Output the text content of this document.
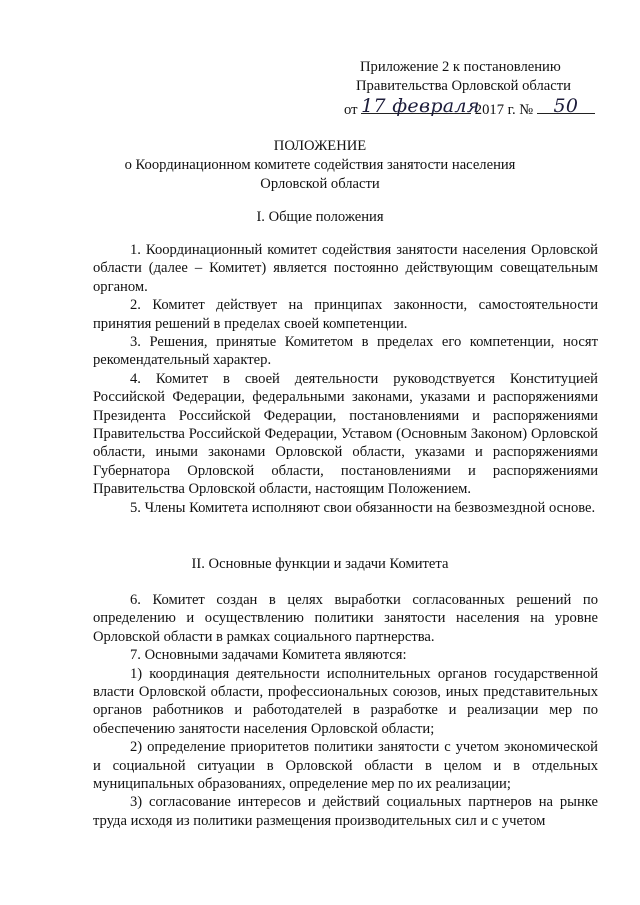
Приложение 2 к постановлению
Правительства Орловской области
от 17 февраля
2017 г. №	50
ПОЛОЖЕНИЕ
о Координационном комитете содействия занятости населения
Орловской области
I. Общие положения

1. Координационный комитет содействия занятости населения Орловской области (далее – Комитет) является постоянно действующим совещательным органом.

2. Комитет действует на принципах законности, самостоятельности принятия решений в пределах своей компетенции.

3. Решения, принятые Комитетом в пределах его компетенции, носят рекомендательный характер.

4. Комитет в своей деятельности руководствуется Конституцией Российской Федерации, федеральными законами, указами и распоряжениями Президента Российской Федерации, постановлениями и распоряжениями Правительства Российской Федерации, Уставом (Основным Законом) Орловской области, иными законами Орловской области, указами и распоряжениями Губернатора Орловской области, постановлениями и распоряжениями Правительства Орловской области, настоящим Положением.

5. Члены Комитета исполняют свои обязанности на безвозмездной основе.

II. Основные функции и задачи Комитета

6. Комитет создан в целях выработки согласованных решений по определению и осуществлению политики занятости населения на уровне Орловской области в рамках социального партнерства.

7. Основными задачами Комитета являются:

1) координация деятельности исполнительных органов государственной власти Орловской области, профессиональных союзов, иных представительных органов работников и работодателей в разработке и реализации мер по обеспечению занятости населения Орловской области;

2) определение приоритетов политики занятости с учетом экономической и социальной ситуации в Орловской области в целом и в отдельных муниципальных образованиях, определение мер по их реализации;

3) согласование интересов и действий социальных партнеров на рынке труда исходя из политики размещения производительных сил и с учетом
